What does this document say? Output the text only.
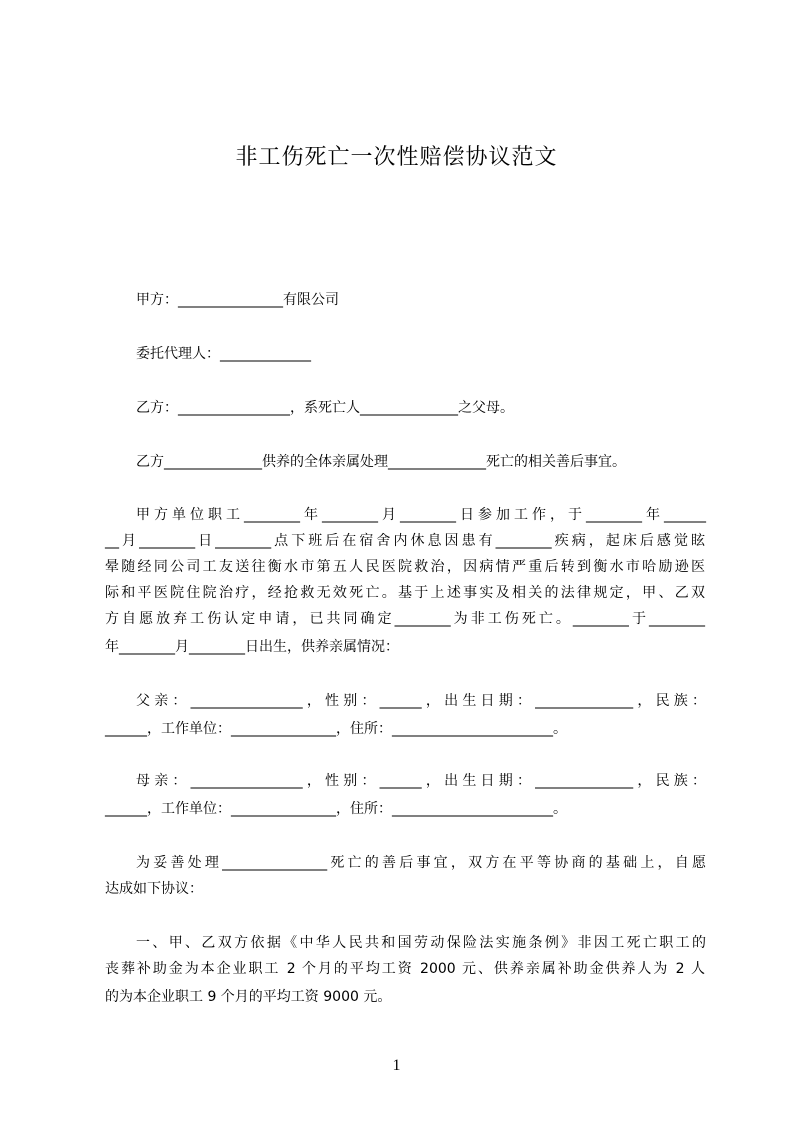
非工伤死亡一次性赔偿协议范文
甲方：_______________有限公司
委托代理人：_____________
乙方：________________，系死亡人______________之父母。
乙方______________供养的全体亲属处理______________死亡的相关善后事宜。
甲方单位职工________年________月________日参加工作，于________年______
__月________日________点下班后在宿舍内休息因患有________疾病，起床后感觉眩
晕随经同公司工友送往衡水市第五人民医院救治，因病情严重后转到衡水市哈励逊医
际和平医院住院治疗，经抢救无效死亡。基于上述事实及相关的法律规定，甲、乙双
方自愿放弃工伤认定申请，已共同确定________为非工伤死亡。________于________
年________月________日出生，供养亲属情况：
父亲：________________，性别：______，出生日期：______________，民族：
______，工作单位：_______________，住所：_______________________。
母亲：________________，性别：______，出生日期：______________，民族：
______，工作单位：_______________，住所：_______________________。
为妥善处理_______________死亡的善后事宜，双方在平等协商的基础上，自愿
达成如下协议：
一、甲、乙双方依据《中华人民共和国劳动保险法实施条例》非因工死亡职工的
丧葬补助金为本企业职工 2 个月的平均工资 2000 元、供养亲属补助金供养人为 2 人
的为本企业职工 9 个月的平均工资 9000 元。
1
